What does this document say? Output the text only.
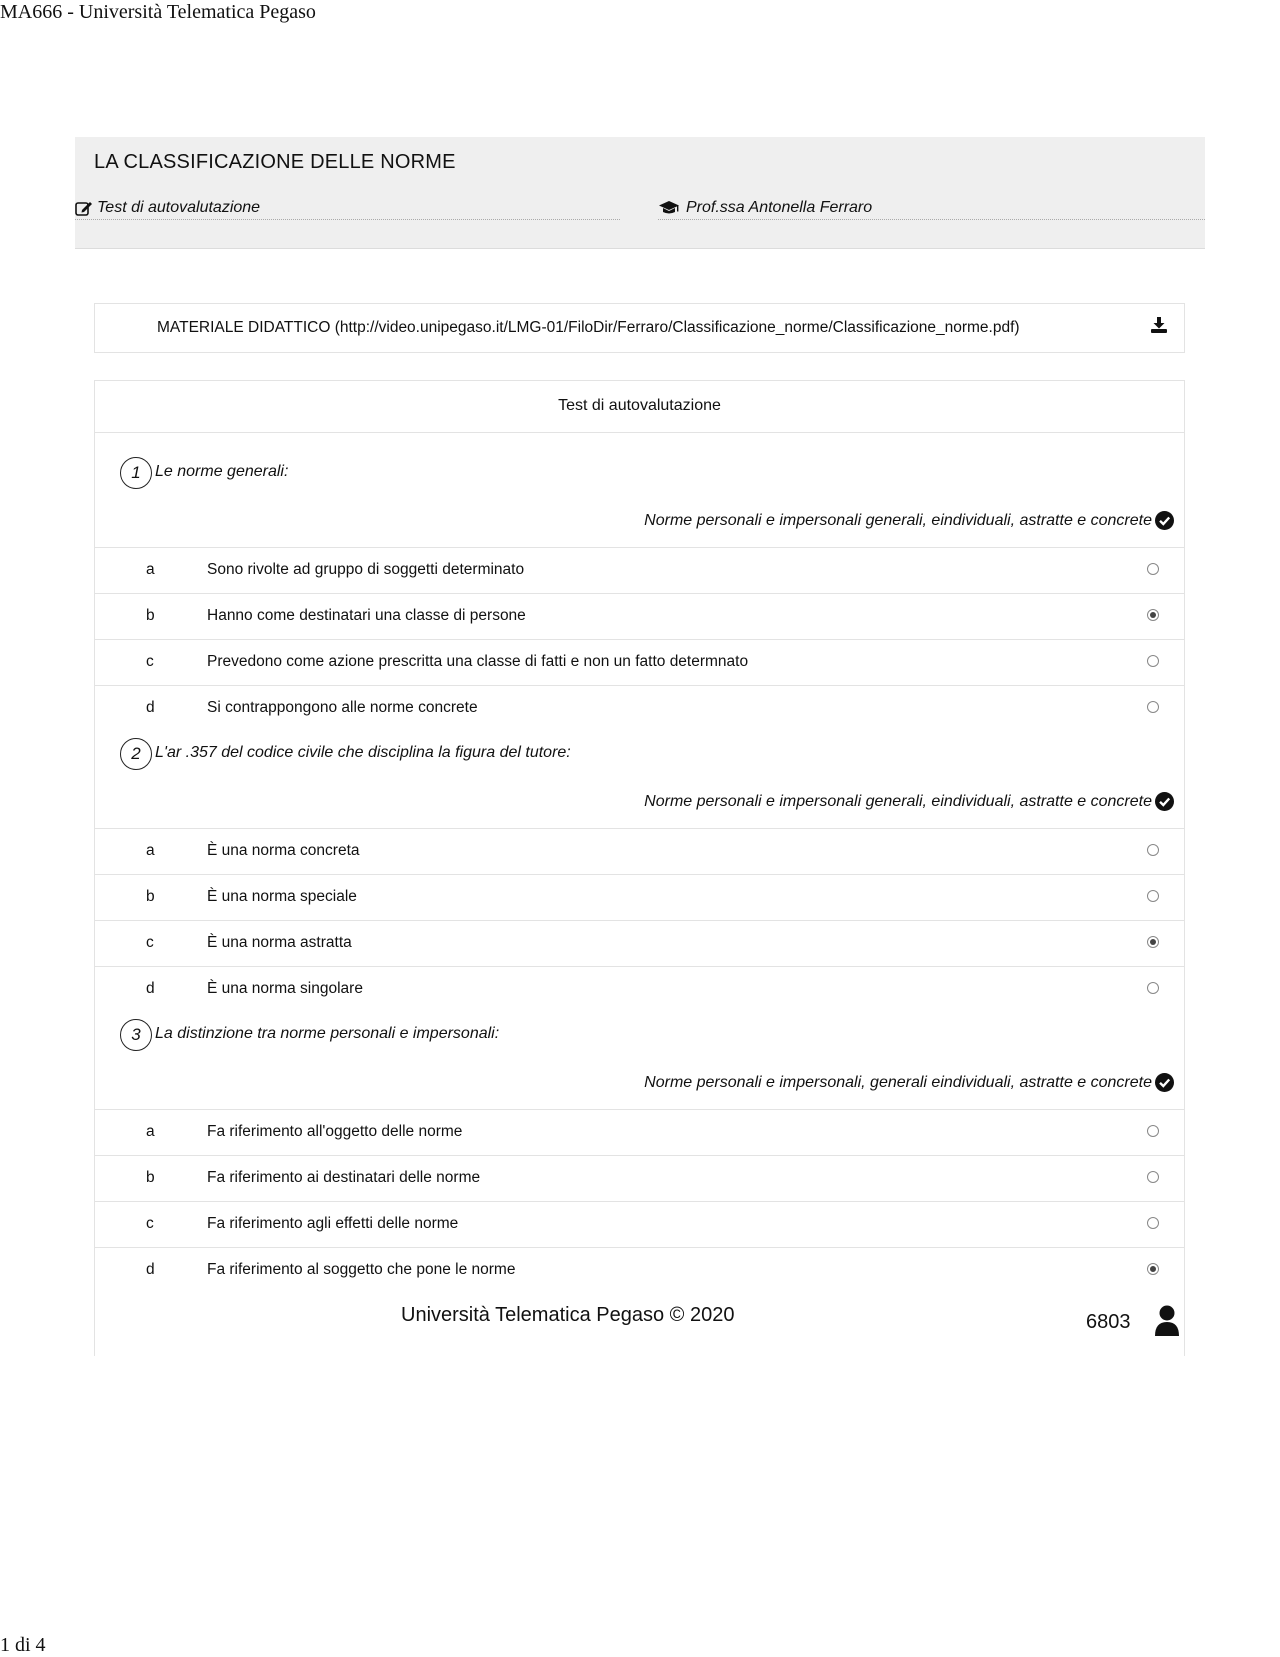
MA666 - Università Telematica Pegaso
LA CLASSIFICAZIONE DELLE NORME
Test di autovalutazione	Prof.ssa Antonella Ferraro
MATERIALE DIDATTICO (http://video.unipegaso.it/LMG-01/FiloDir/Ferraro/Classificazione_norme/Classificazione_norme.pdf)
Test di autovalutazione
1 Le norme generali:
Norme personali e impersonali generali, eindividuali, astratte e concrete
a	Sono rivolte ad gruppo di soggetti determinato
b	Hanno come destinatari una classe di persone
c	Prevedono come azione prescritta una classe di fatti e non un fatto determnato
d	Si contrappongono alle norme concrete
2 L'ar .357 del codice civile che disciplina la figura del tutore:
Norme personali e impersonali generali, eindividuali, astratte e concrete
a	È una norma concreta
b	È una norma speciale
c	È una norma astratta
d	È una norma singolare
3 La distinzione tra norme personali e impersonali:
Norme personali e impersonali, generali eindividuali, astratte e concrete
a	Fa riferimento all'oggetto delle norme
b	Fa riferimento ai destinatari delle norme
c	Fa riferimento agli effetti delle norme
d	Fa riferimento al soggetto che pone le norme
Università Telematica Pegaso © 2020	6803
1 di 4
